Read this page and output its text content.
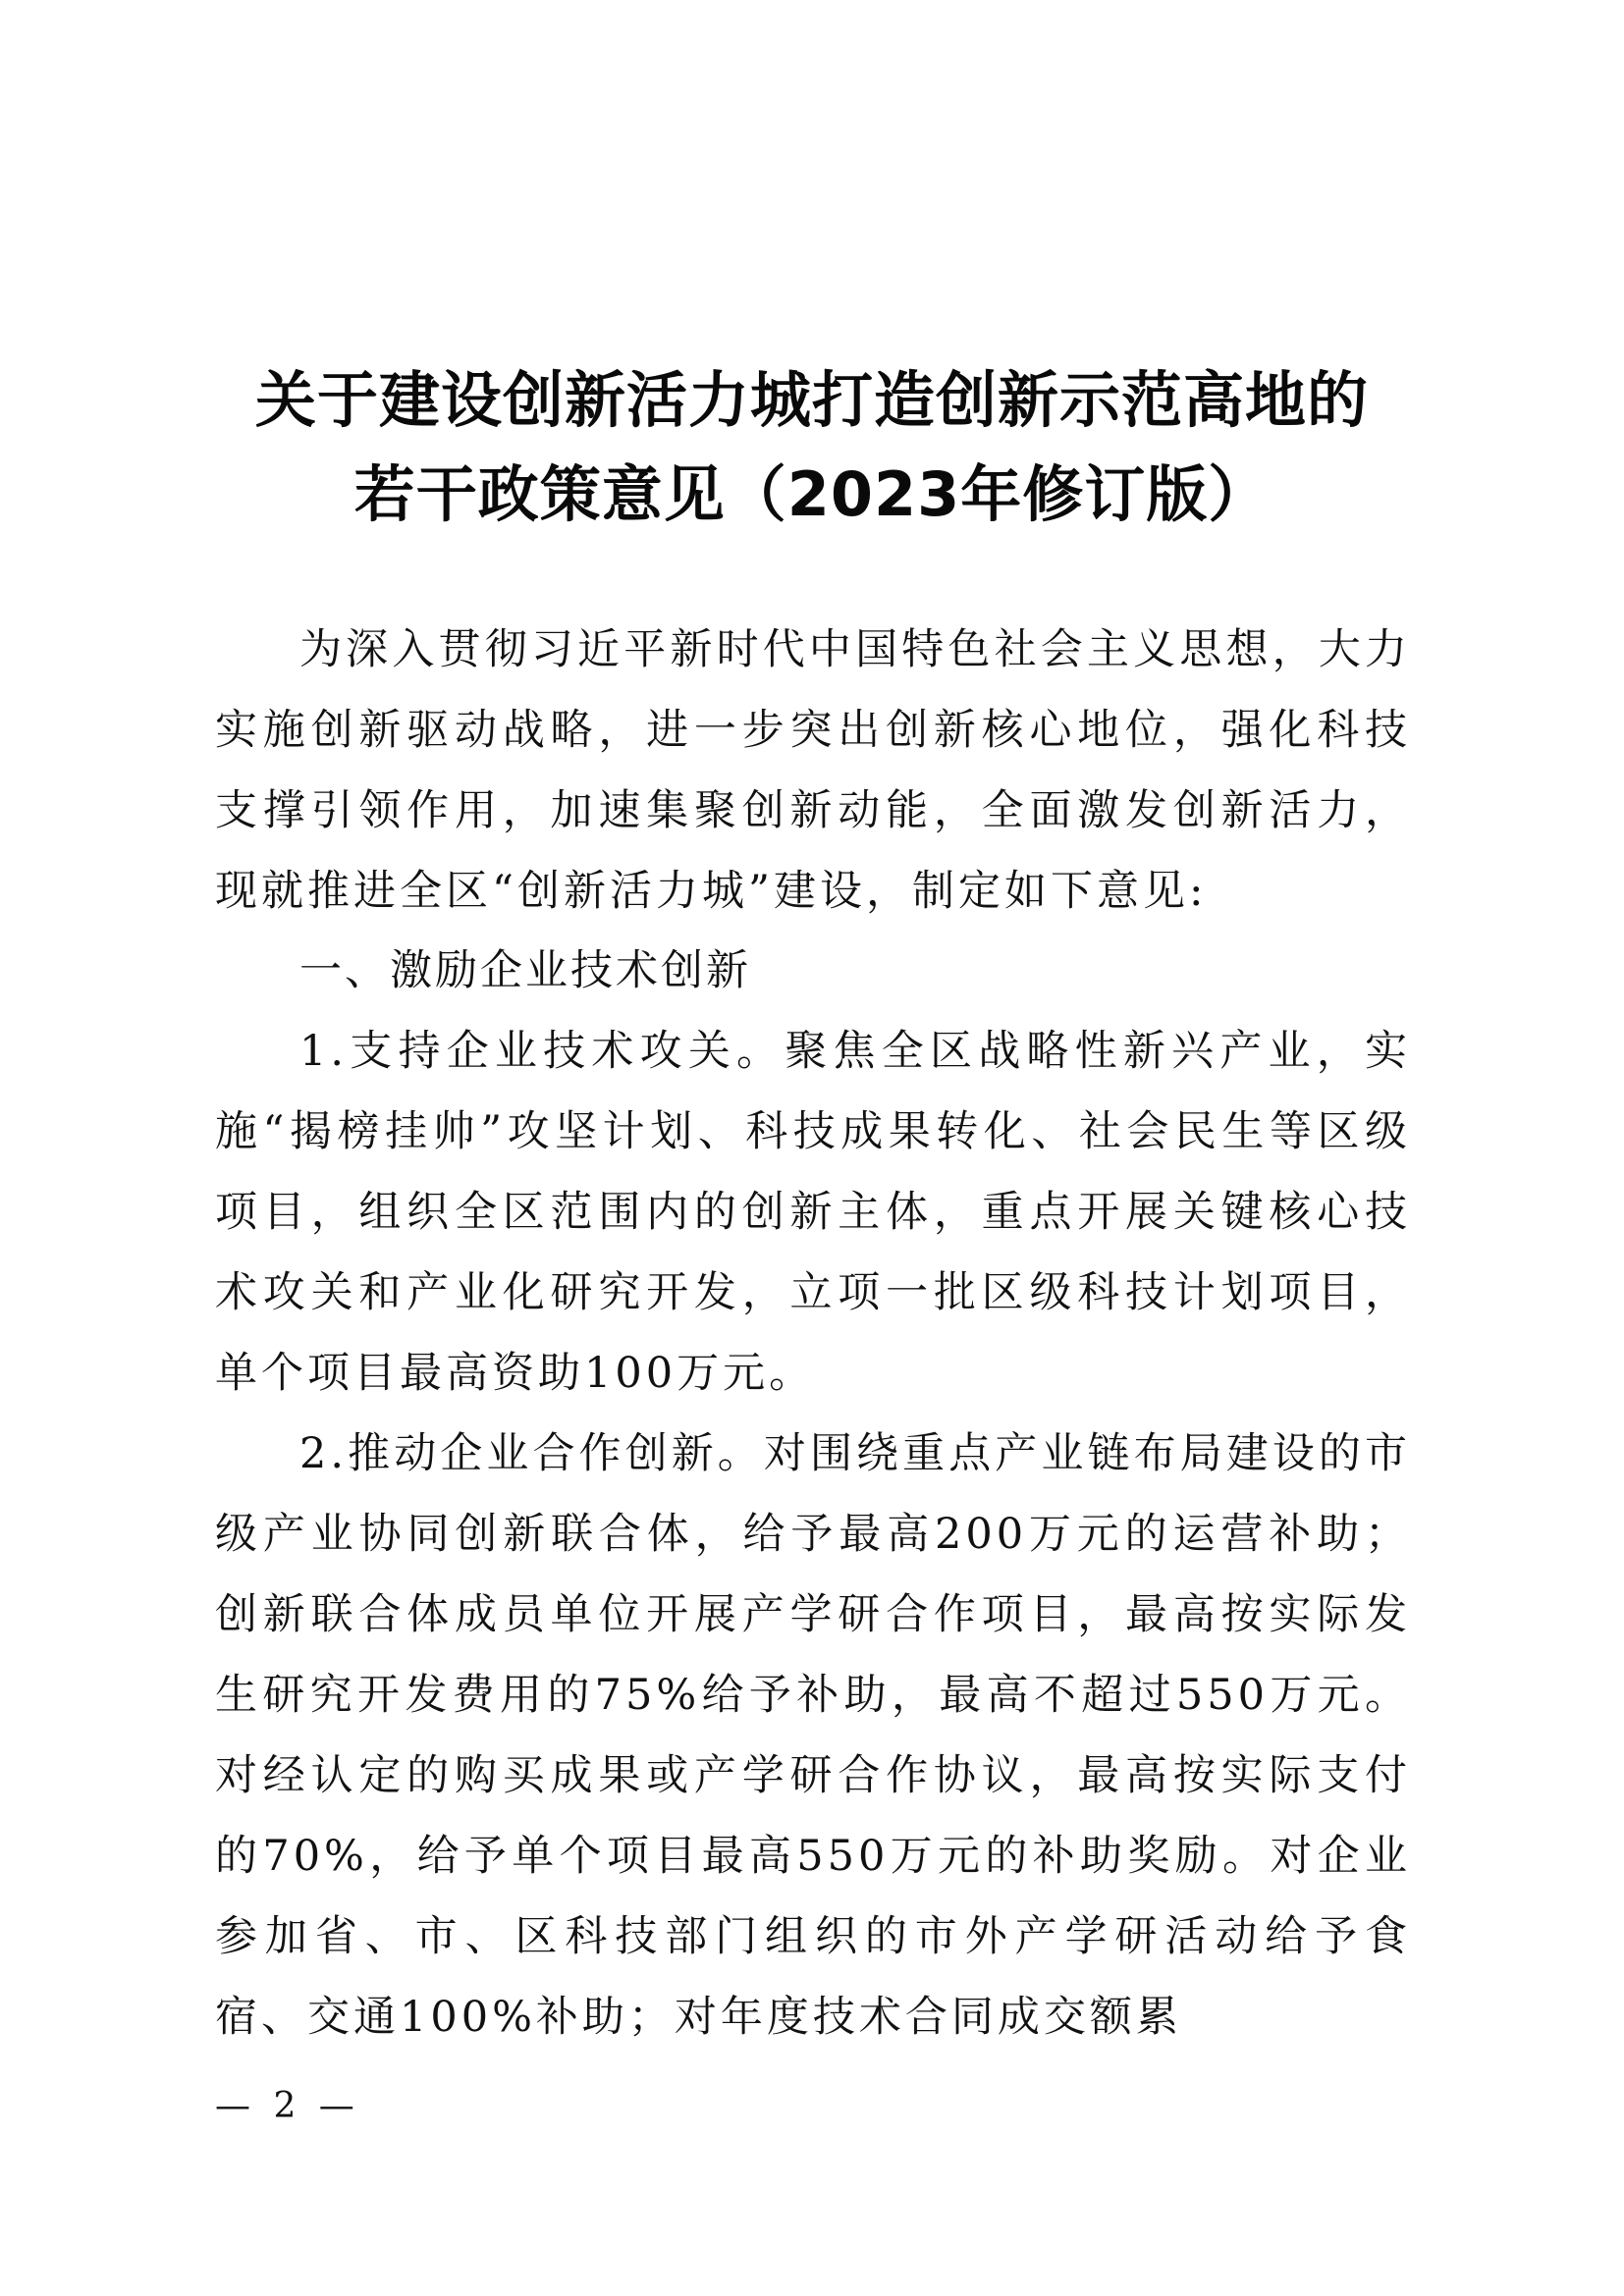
关于建设创新活力城打造创新示范高地的
若干政策意见（2023年修订版）

为深入贯彻习近平新时代中国特色社会主义思想，大力实施创新驱动战略，进一步突出创新核心地位，强化科技支撑引领作用，加速集聚创新动能，全面激发创新活力，现就推进全区“创新活力城”建设，制定如下意见:

一、激励企业技术创新

1.支持企业技术攻关。聚焦全区战略性新兴产业，实施“揭榜挂帅”攻坚计划、科技成果转化、社会民生等区级项目，组织全区范围内的创新主体，重点开展关键核心技术攻关和产业化研究开发，立项一批区级科技计划项目，单个项目最高资助100万元。

2.推动企业合作创新。对围绕重点产业链布局建设的市级产业协同创新联合体，给予最高200万元的运营补助；创新联合体成员单位开展产学研合作项目，最高按实际发生研究开发费用的75%给予补助，最高不超过550万元。对经认定的购买成果或产学研合作协议，最高按实际支付的70%，给予单个项目最高550万元的补助奖励。对企业参加省、市、区科技部门组织的市外产学研活动给予食宿、交通100%补助；对年度技术合同成交额累

— 2 —
